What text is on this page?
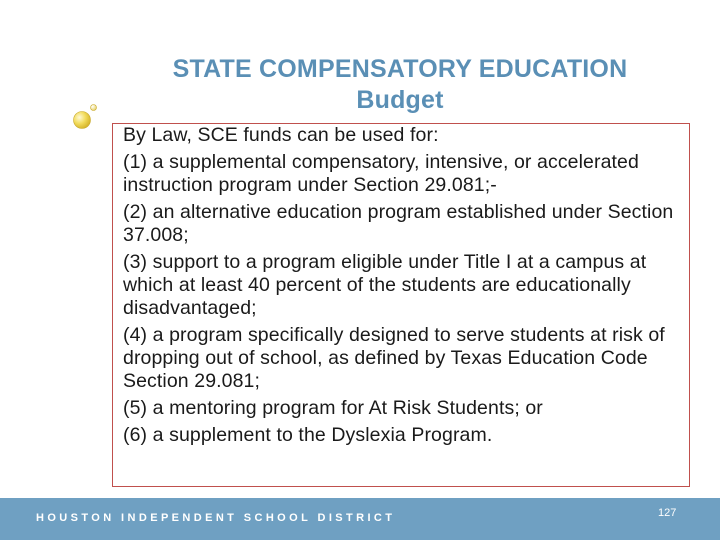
STATE COMPENSATORY EDUCATION
Budget

By Law, SCE funds can be used for:

(1) a supplemental compensatory, intensive, or accelerated instruction program under Section 29.081;-

(2) an alternative education program established under Section 37.008;

(3) support to a program eligible under Title I at a campus at which at least 40 percent of the students are educationally disadvantaged;

(4) a program specifically designed to serve students at risk of dropping out of school, as defined by Texas Education Code Section 29.081;

(5) a mentoring program for At Risk Students; or

(6) a supplement to the Dyslexia Program.

HOUSTON INDEPENDENT SCHOOL DISTRICT	127
